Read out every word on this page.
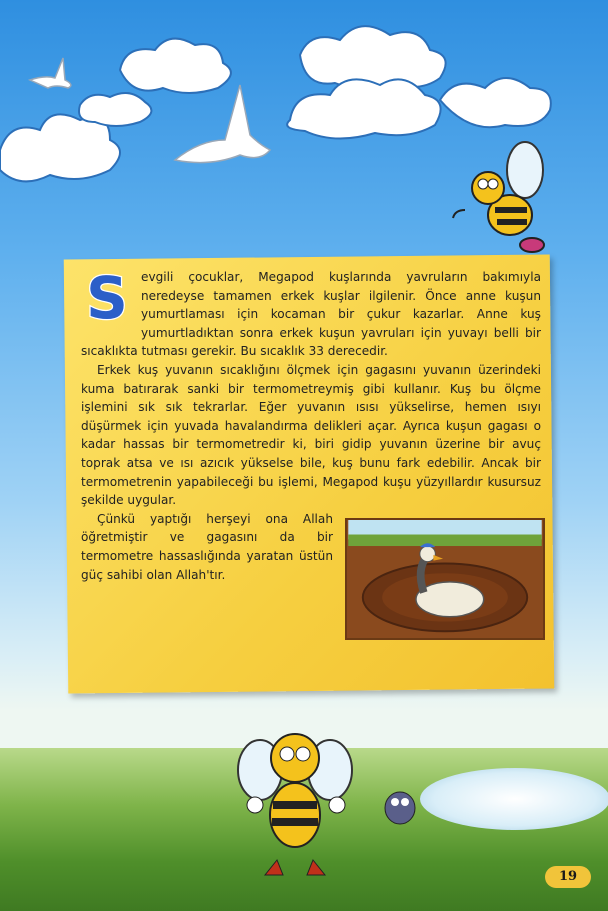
S	evgili çocuklar, Megapod kuşlarında yavruların bakımıyla neredeyse tamamen erkek kuşlar ilgilenir. Önce anne kuşun yumurtlaması için kocaman bir çukur kazarlar. Anne kuş yumurtladıktan sonra erkek kuşun yavruları için yuvayı belli bir sıcaklıkta tutması gerekir. Bu sıcaklık 33 derecedir.

Erkek kuş yuvanın sıcaklığını ölçmek için gagasını yuvanın üzerindeki kuma batırarak sanki bir termometreymiş gibi kullanır. Kuş bu ölçme işlemini sık sık tekrarlar. Eğer yuvanın ısısı yükselirse, hemen ısıyı düşürmek için yuvada havalandırma delikleri açar. Ayrıca kuşun gagası o kadar hassas bir termometredir ki, biri gidip yuvanın üzerine bir avuç toprak atsa ve ısı azıcık yükselse bile, kuş bunu fark edebilir. Ancak bir termometrenin yapabileceği bu işlemi, Megapod kuşu yüzyıllardır kusursuz şekilde uygular.

Çünkü yaptığı herşeyi ona Allah öğretmiştir ve gagasını da bir termometre hassaslığında yaratan üstün güç sahibi olan Allah'tır.

19
